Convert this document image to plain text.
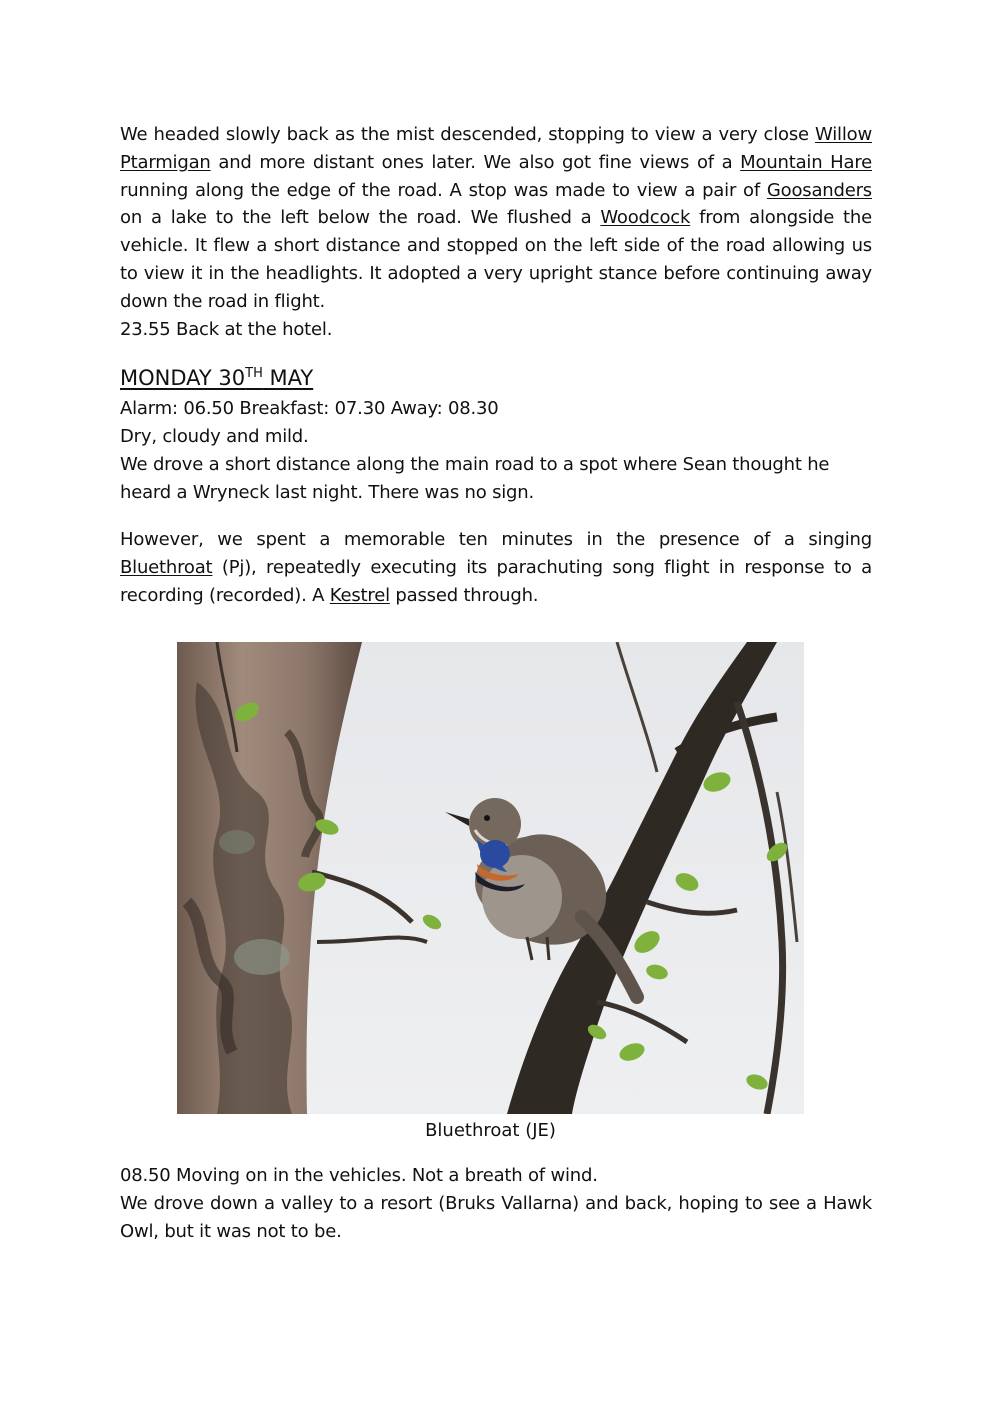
We headed slowly back as the mist descended, stopping to view a very close Willow Ptarmigan and more distant ones later. We also got fine views of a Mountain Hare running along the edge of the road. A stop was made to view a pair of Goosanders on a lake to the left below the road. We flushed a Woodcock from alongside the vehicle. It flew a short distance and stopped on the left side of the road allowing us to view it in the headlights. It adopted a very upright stance before continuing away down the road in flight.

23.55 Back at the hotel.
MONDAY 30TH MAY
Alarm: 06.50 Breakfast: 07.30 Away: 08.30
Dry, cloudy and mild.

We drove a short distance along the main road to a spot where Sean thought he heard a Wryneck last night. There was no sign.

However, we spent a memorable ten minutes in the presence of a singing Bluethroat (Pj), repeatedly executing its parachuting song flight in response to a recording (recorded). A Kestrel passed through.

Bluethroat (JE)
08.50 Moving on in the vehicles. Not a breath of wind.

We drove down a valley to a resort (Bruks Vallarna) and back, hoping to see a Hawk Owl, but it was not to be.
